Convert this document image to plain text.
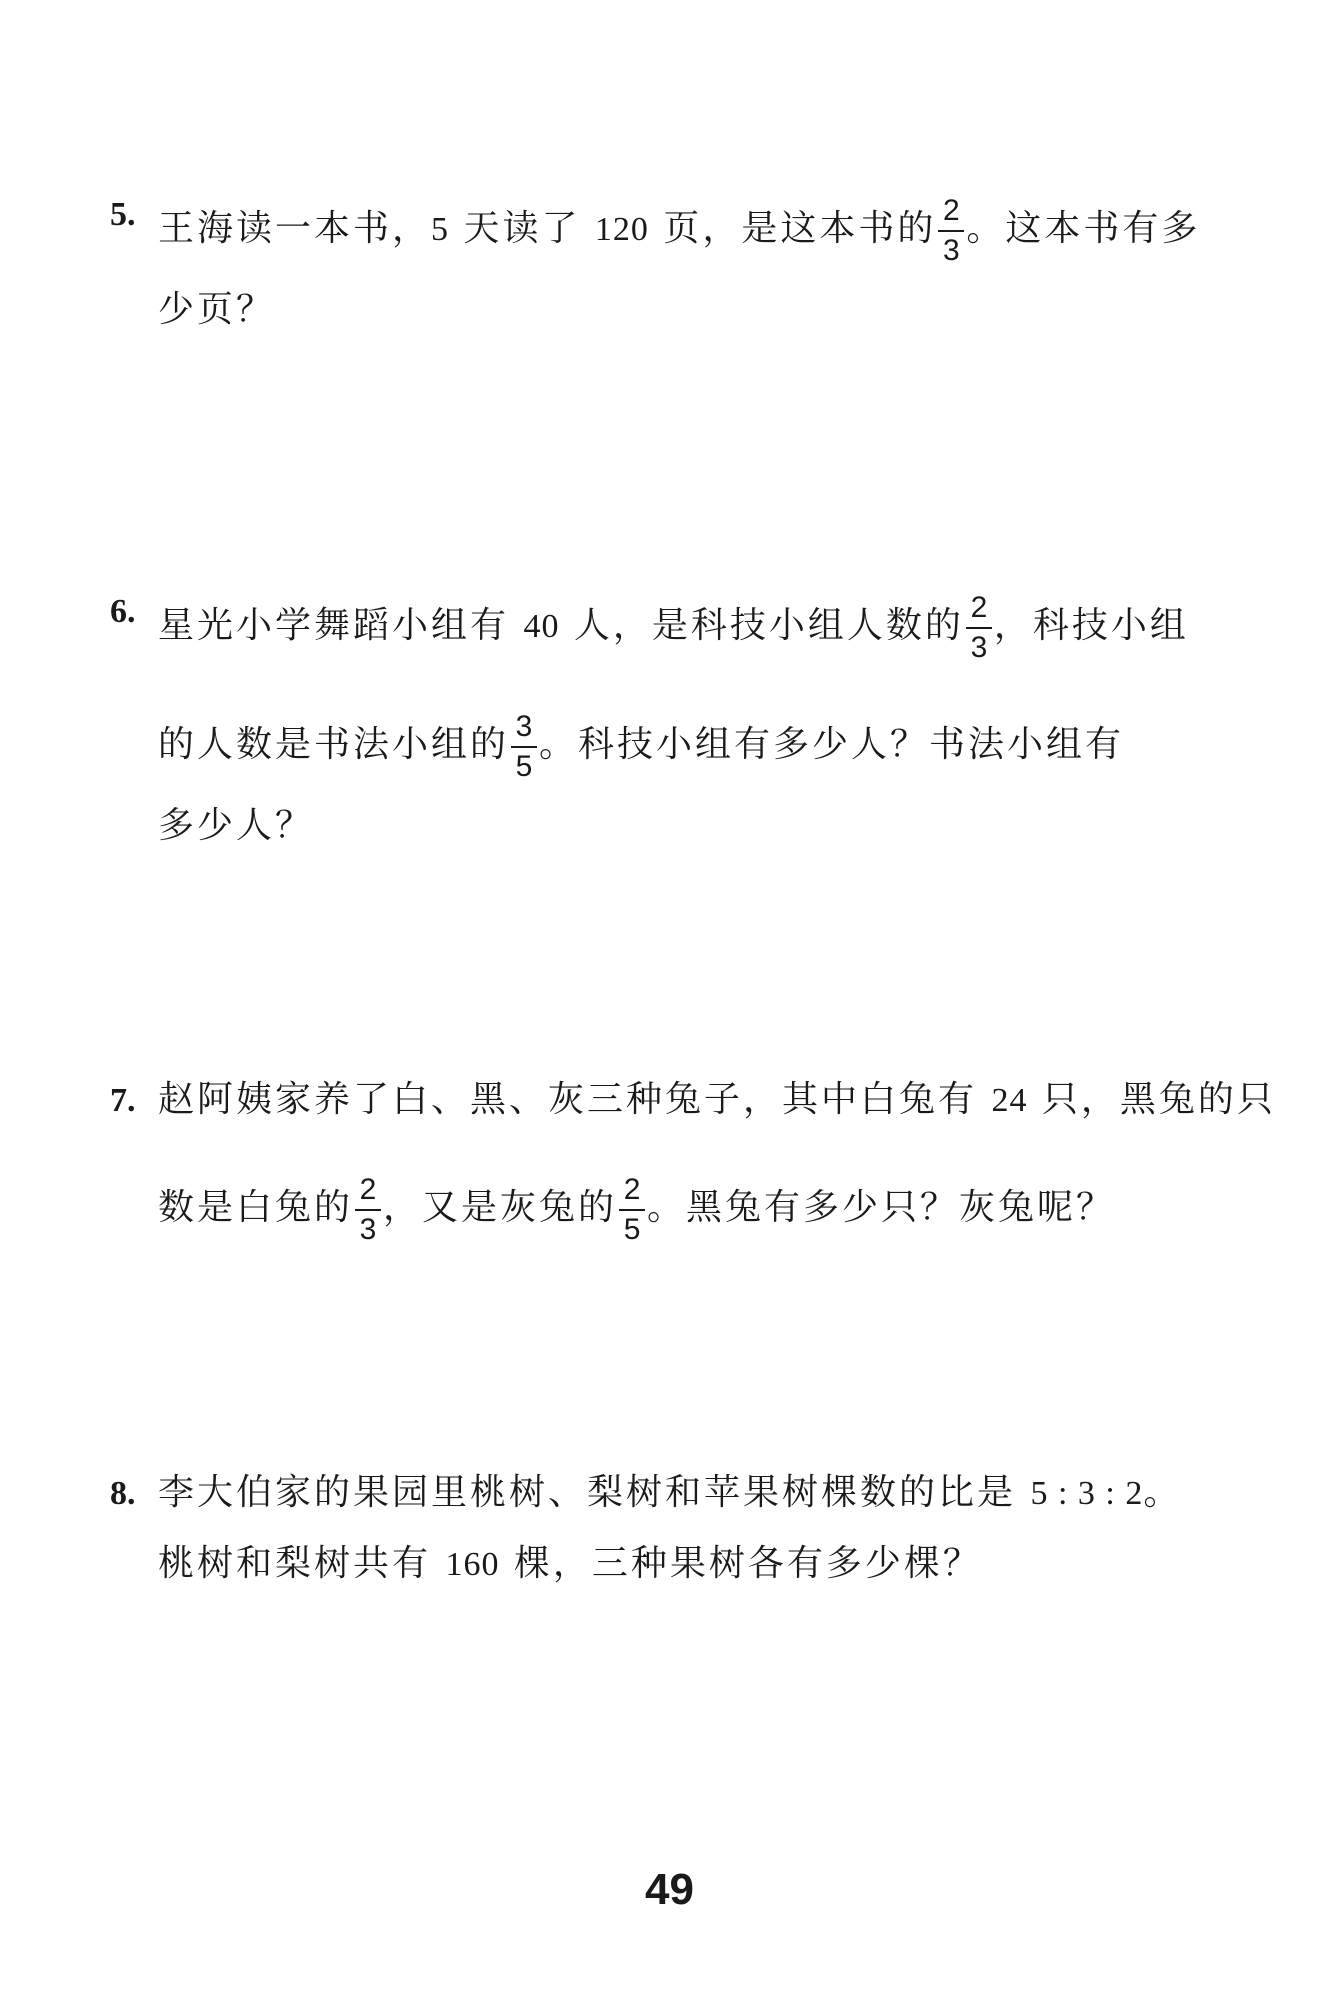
5. 王海读一本书，5 天读了 120 页，是这本书的 $\frac{2}{3}$ 。这本书有多
少页？
6. 星光小学舞蹈小组有 40 人，是科技小组人数的 $\frac{2}{3}$ ，科技小组
的人数是书法小组的 $\frac{3}{5}$ 。科技小组有多少人？书法小组有
多少人？
7. 赵阿姨家养了白、黑、灰三种兔子，其中白兔有 24 只，黑兔的只
数是白兔的 $\frac{2}{3}$ ，又是灰兔的 $\frac{2}{5}$ 。黑兔有多少只？灰兔呢？
8. 李大伯家的果园里桃树、梨树和苹果树棵数的比是 5 : 3 : 2。
桃树和梨树共有 160 棵，三种果树各有多少棵？
49
